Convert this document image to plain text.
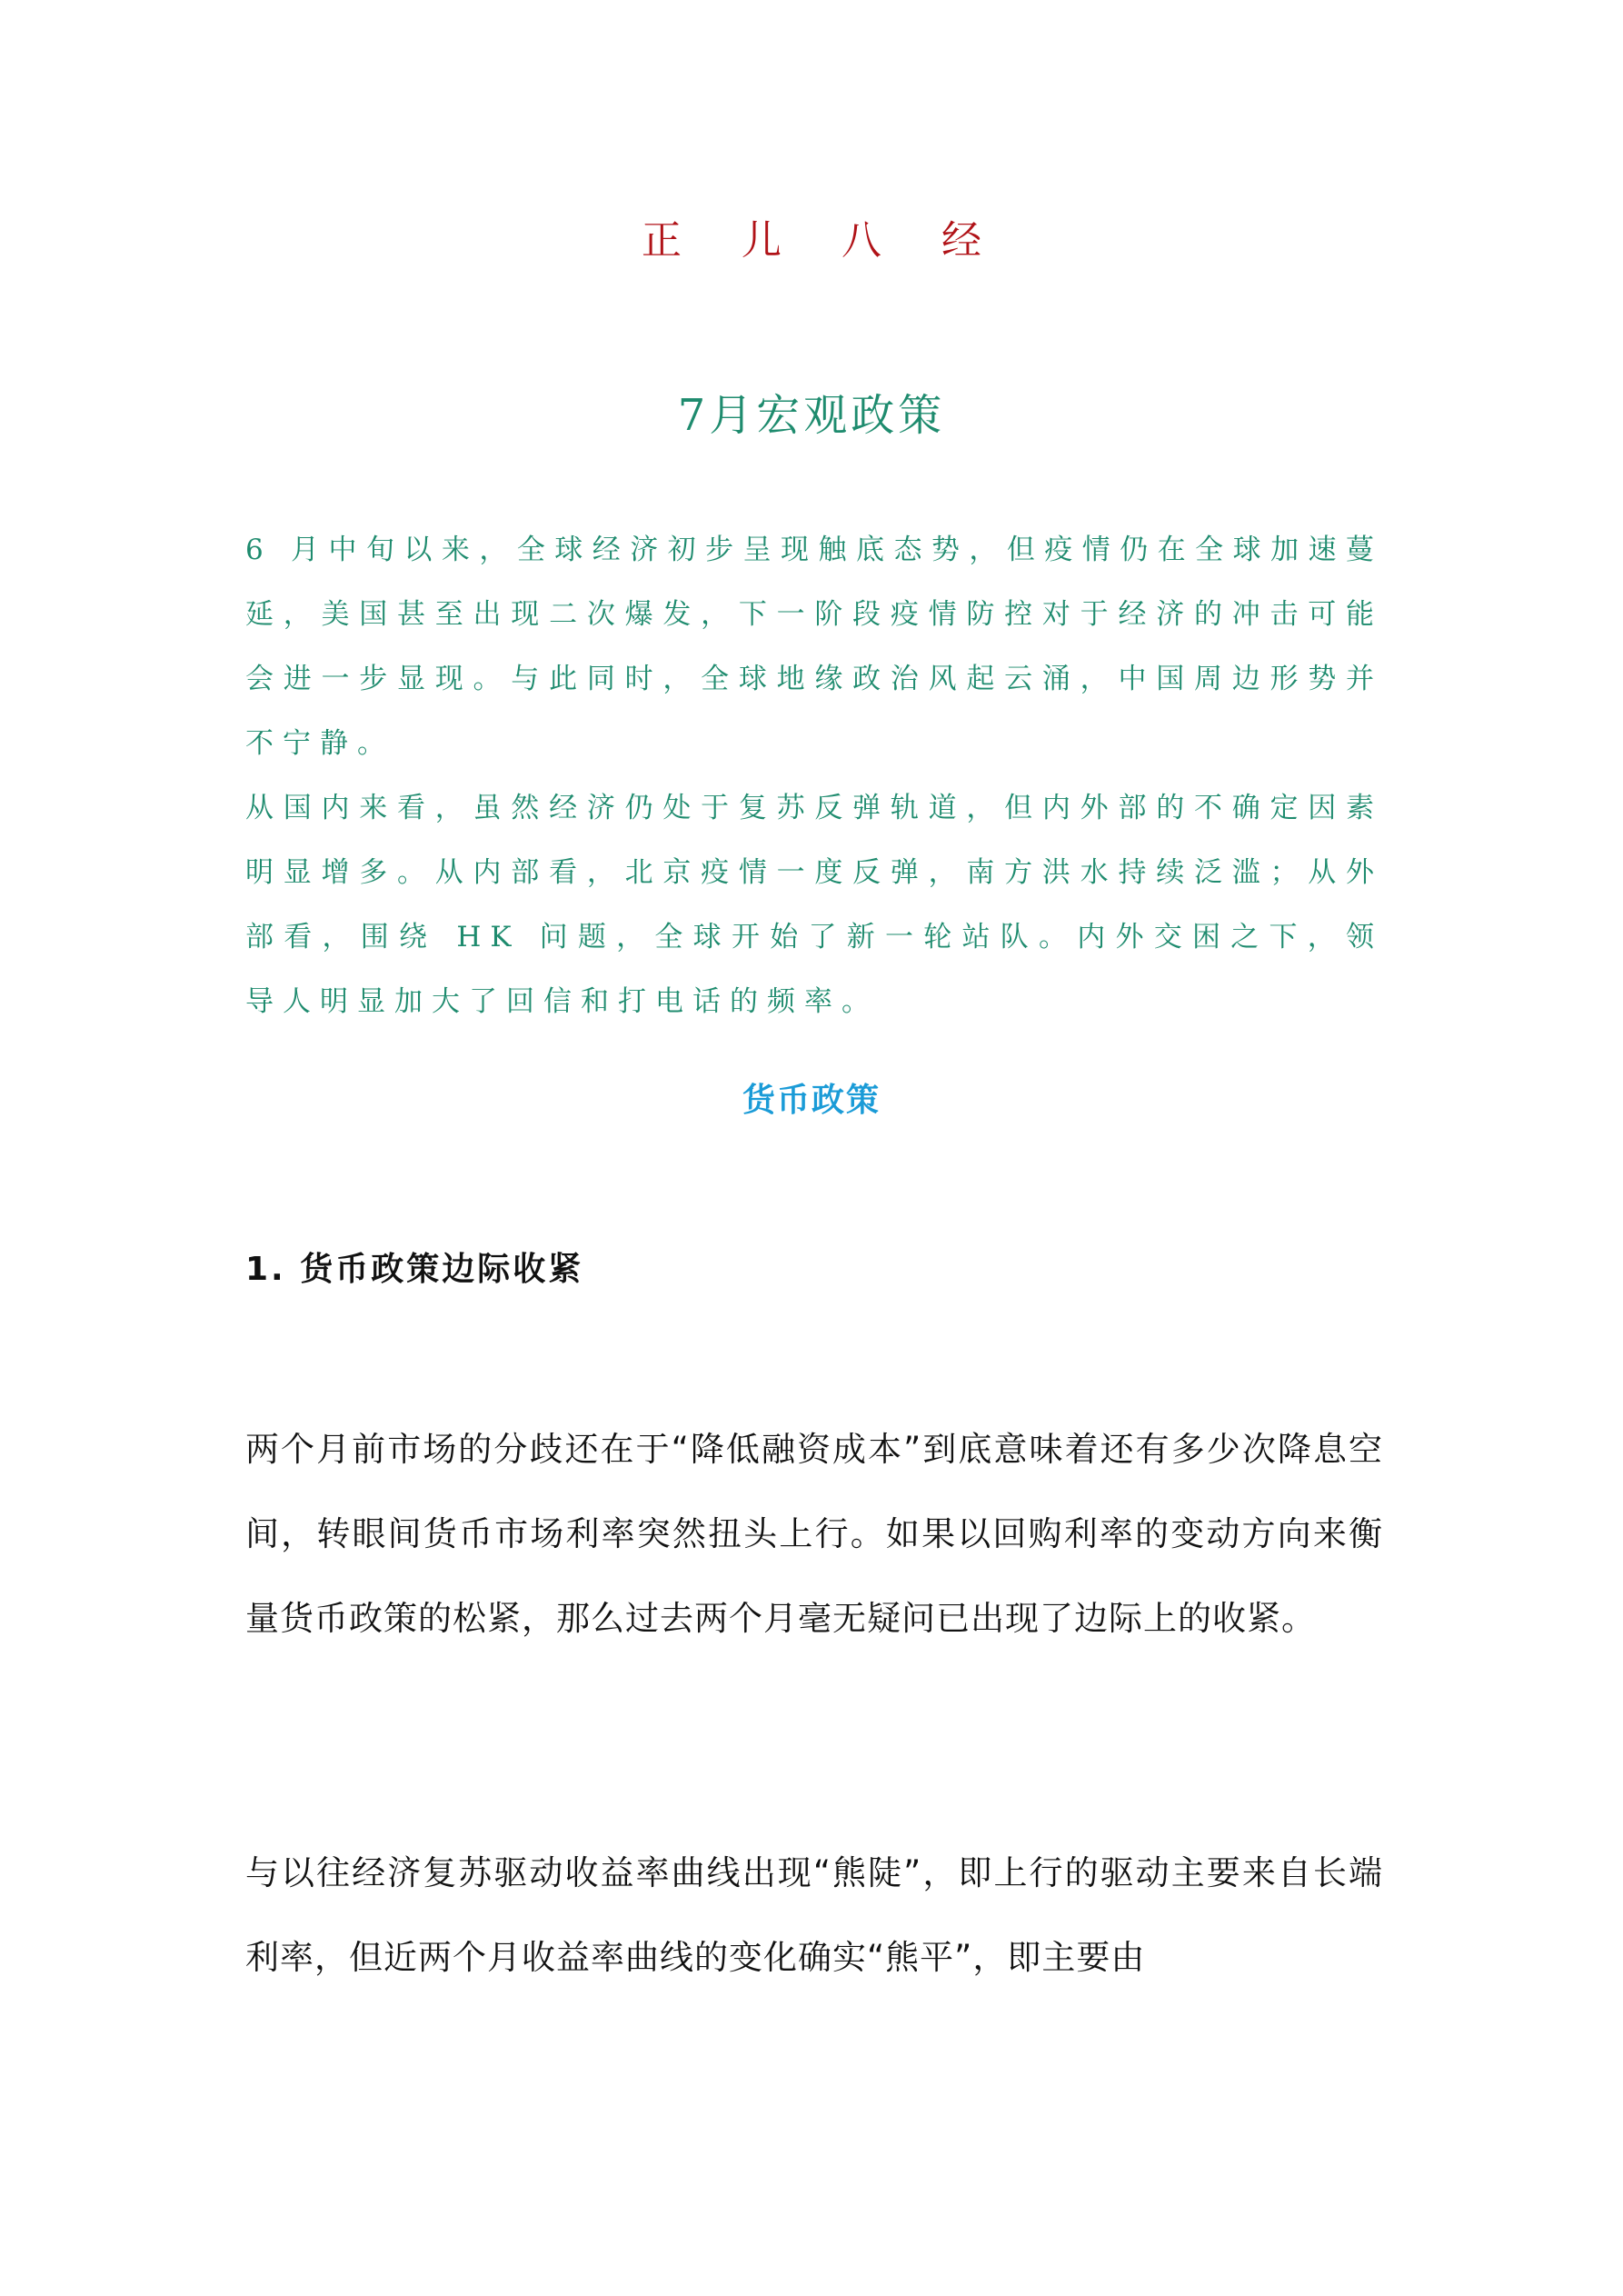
正 儿 八 经
7月宏观政策

6 月中旬以来，全球经济初步呈现触底态势，但疫情仍在全球加速蔓延，美国甚至出现二次爆发，下一阶段疫情防控对于经济的冲击可能会进一步显现。与此同时，全球地缘政治风起云涌，中国周边形势并不宁静。

从国内来看，虽然经济仍处于复苏反弹轨道，但内外部的不确定因素明显增多。从内部看，北京疫情一度反弹，南方洪水持续泛滥；从外部看，围绕 HK 问题，全球开始了新一轮站队。内外交困之下，领导人明显加大了回信和打电话的频率。

货币政策
1. 货币政策边际收紧

两个月前市场的分歧还在于“降低融资成本”到底意味着还有多少次降息空间，转眼间货币市场利率突然扭头上行。如果以回购利率的变动方向来衡量货币政策的松紧，那么过去两个月毫无疑问已出现了边际上的收紧。

与以往经济复苏驱动收益率曲线出现“熊陡”，即上行的驱动主要来自长端利率，但近两个月收益率曲线的变化确实“熊平”，即主要由
